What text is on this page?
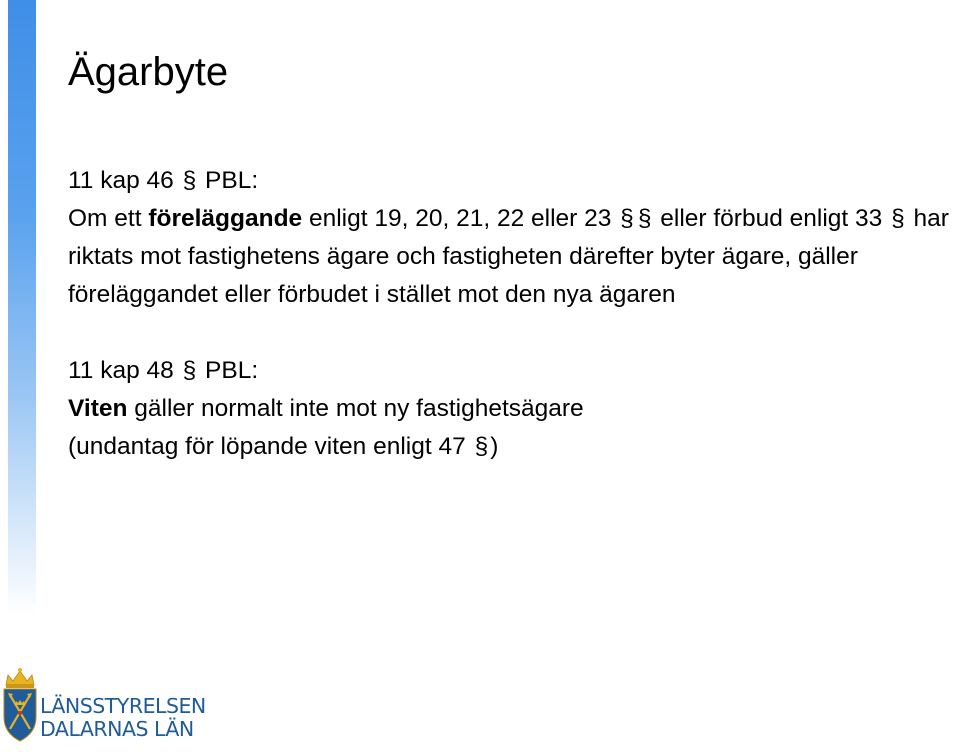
Ägarbyte

11 kap 46 § PBL:

Om ett föreläggande enligt 19, 20, 21, 22 eller 23 § § eller förbud enligt 33 § har riktats mot fastighetens ägare och fastigheten därefter byter ägare, gäller föreläggandet eller förbudet i stället mot den nya ägaren

11 kap 48 § PBL:

Viten gäller normalt inte mot ny fastighetsägare

(undantag för löpande viten enligt 47 §)

LÄNSSTYRELSEN
DALARNAS LÄN
